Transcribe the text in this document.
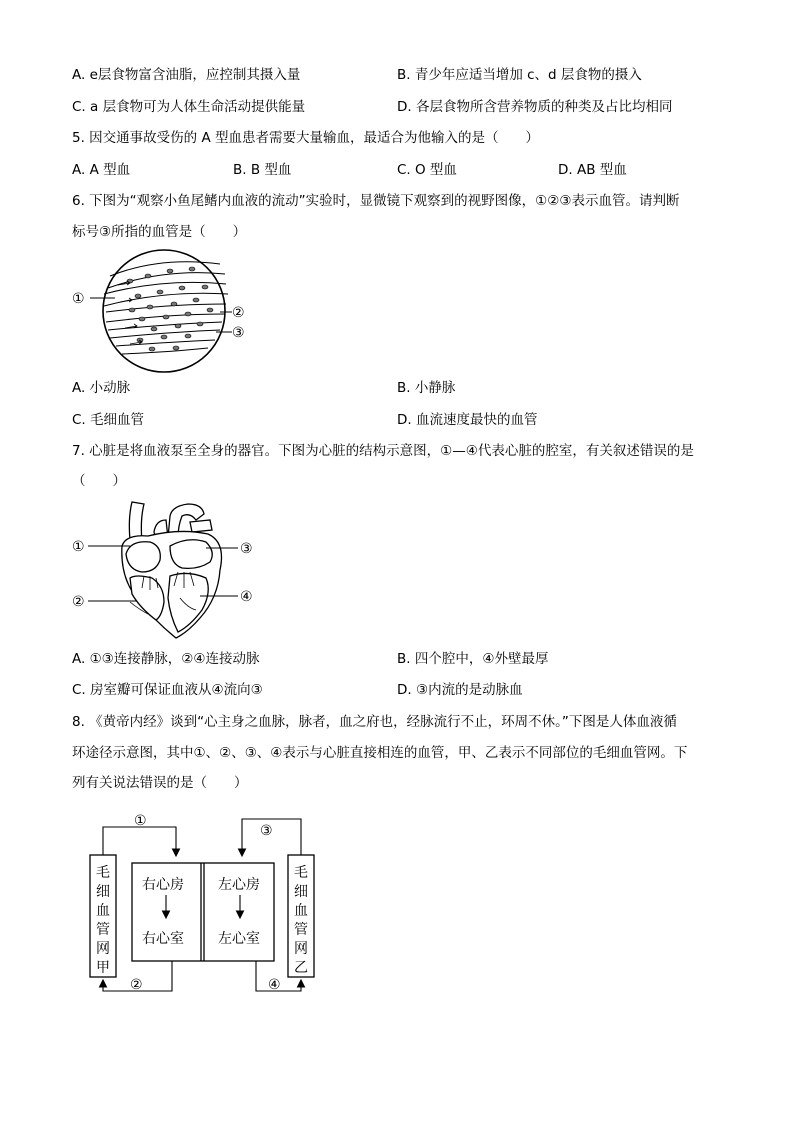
A. e层食物富含油脂，应控制其摄入量	B. 青少年应适当增加 c、d 层食物的摄入
C. a 层食物可为人体生命活动提供能量	D. 各层食物所含营养物质的种类及占比均相同
5. 因交通事故受伤的 A 型血患者需要大量输血，最适合为他输入的是（　　）
A. A 型血	B. B 型血	C. O 型血	D. AB 型血
6. 下图为“观察小鱼尾鳍内血液的流动”实验时，显微镜下观察到的视野图像，①②③表示血管。请判断
标号③所指的血管是（　　）
①
②
③
A. 小动脉	B. 小静脉
C. 毛细血管	D. 血流速度最快的血管
7. 心脏是将血液泵至全身的器官。下图为心脏的结构示意图，①—④代表心脏的腔室，有关叙述错误的是
（　　）
①
②
③
④
A. ①③连接静脉，②④连接动脉	B. 四个腔中，④外壁最厚
C. 房室瓣可保证血液从④流向③	D. ③内流的是动脉血
8. 《黄帝内经》谈到“心主身之血脉，脉者，血之府也，经脉流行不止，环周不休。”下图是人体血液循
环途径示意图，其中①、②、③、④表示与心脏直接相连的血管，甲、乙表示不同部位的毛细血管网。下
列有关说法错误的是（　　）
①
③
②	④
右心房 左心房
右心室 左心室
毛
细
血
管
网
甲
毛
细
血
管
网
乙
